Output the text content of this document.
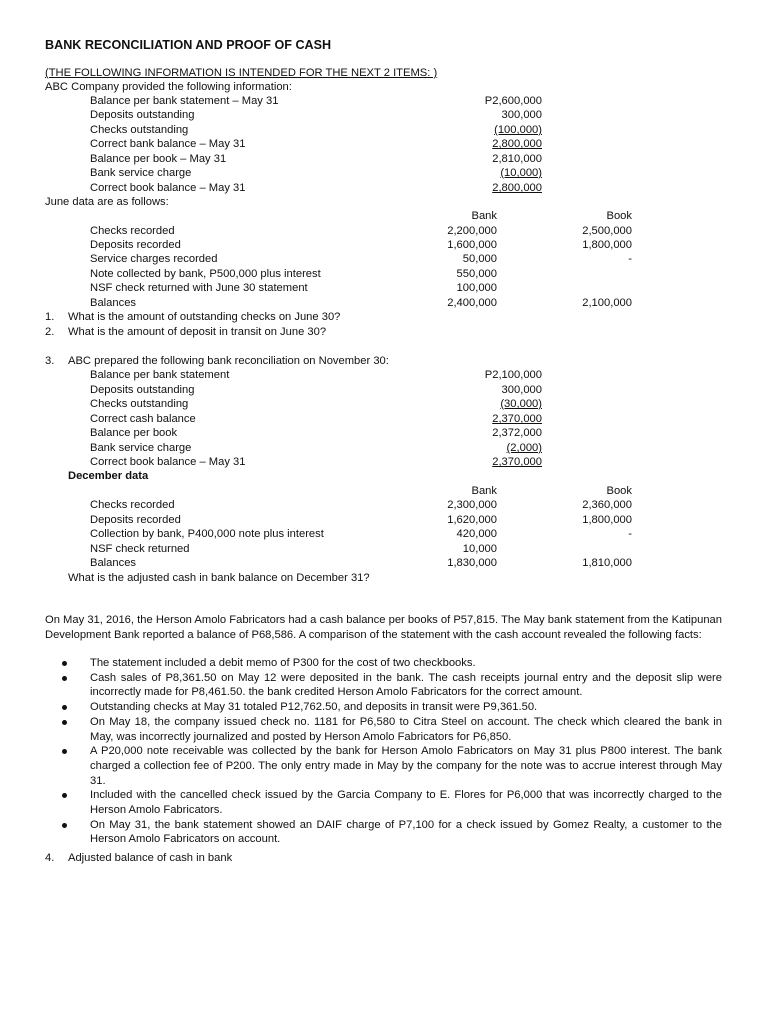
BANK RECONCILIATION AND PROOF OF CASH
(THE FOLLOWING INFORMATION IS INTENDED FOR THE NEXT 2 ITEMS: )
ABC Company provided the following information:
Balance per bank statement – May 31	P2,600,000
Deposits outstanding	300,000
Checks outstanding	(100,000)
Correct bank balance – May 31	2,800,000
Balance per book – May 31	2,810,000
Bank service charge	(10,000)
Correct book balance – May 31	2,800,000
June data are as follows:
Bank	Book
Checks recorded	2,200,000	2,500,000
Deposits recorded	1,600,000	1,800,000
Service charges recorded	50,000	-
Note collected by bank, P500,000 plus interest	550,000
NSF check returned with June 30 statement	100,000
Balances	2,400,000	2,100,000
1. What is the amount of outstanding checks on June 30?
2. What is the amount of deposit in transit on June 30?
3. ABC prepared the following bank reconciliation on November 30:
Balance per bank statement	P2,100,000
Deposits outstanding	300,000
Checks outstanding	(30,000)
Correct cash balance	2,370,000
Balance per book	2,372,000
Bank service charge	(2,000)
Correct book balance – May 31	2,370,000
December data
Bank	Book
Checks recorded	2,300,000	2,360,000
Deposits recorded	1,620,000	1,800,000
Collection by bank, P400,000 note plus interest	420,000	-
NSF check returned	10,000
Balances	1,830,000	1,810,000
What is the adjusted cash in bank balance on December 31?
On May 31, 2016, the Herson Amolo Fabricators had a cash balance per books of P57,815. The May bank statement from the Katipunan Development Bank reported a balance of P68,586. A comparison of the statement with the cash account revealed the following facts:
The statement included a debit memo of P300 for the cost of two checkbooks.
Cash sales of P8,361.50 on May 12 were deposited in the bank. The cash receipts journal entry and the deposit slip were incorrectly made for P8,461.50. the bank credited Herson Amolo Fabricators for the correct amount.
Outstanding checks at May 31 totaled P12,762.50, and deposits in transit were P9,361.50.
On May 18, the company issued check no. 1181 for P6,580 to Citra Steel on account. The check which cleared the bank in May, was incorrectly journalized and posted by Herson Amolo Fabricators for P6,850.
A P20,000 note receivable was collected by the bank for Herson Amolo Fabricators on May 31 plus P800 interest. The bank charged a collection fee of P200. The only entry made in May by the company for the note was to accrue interest through May 31.
Included with the cancelled check issued by the Garcia Company to E. Flores for P6,000 that was incorrectly charged to the Herson Amolo Fabricators.
On May 31, the bank statement showed an DAIF charge of P7,100 for a check issued by Gomez Realty, a customer to the Herson Amolo Fabricators on account.
4. Adjusted balance of cash in bank
